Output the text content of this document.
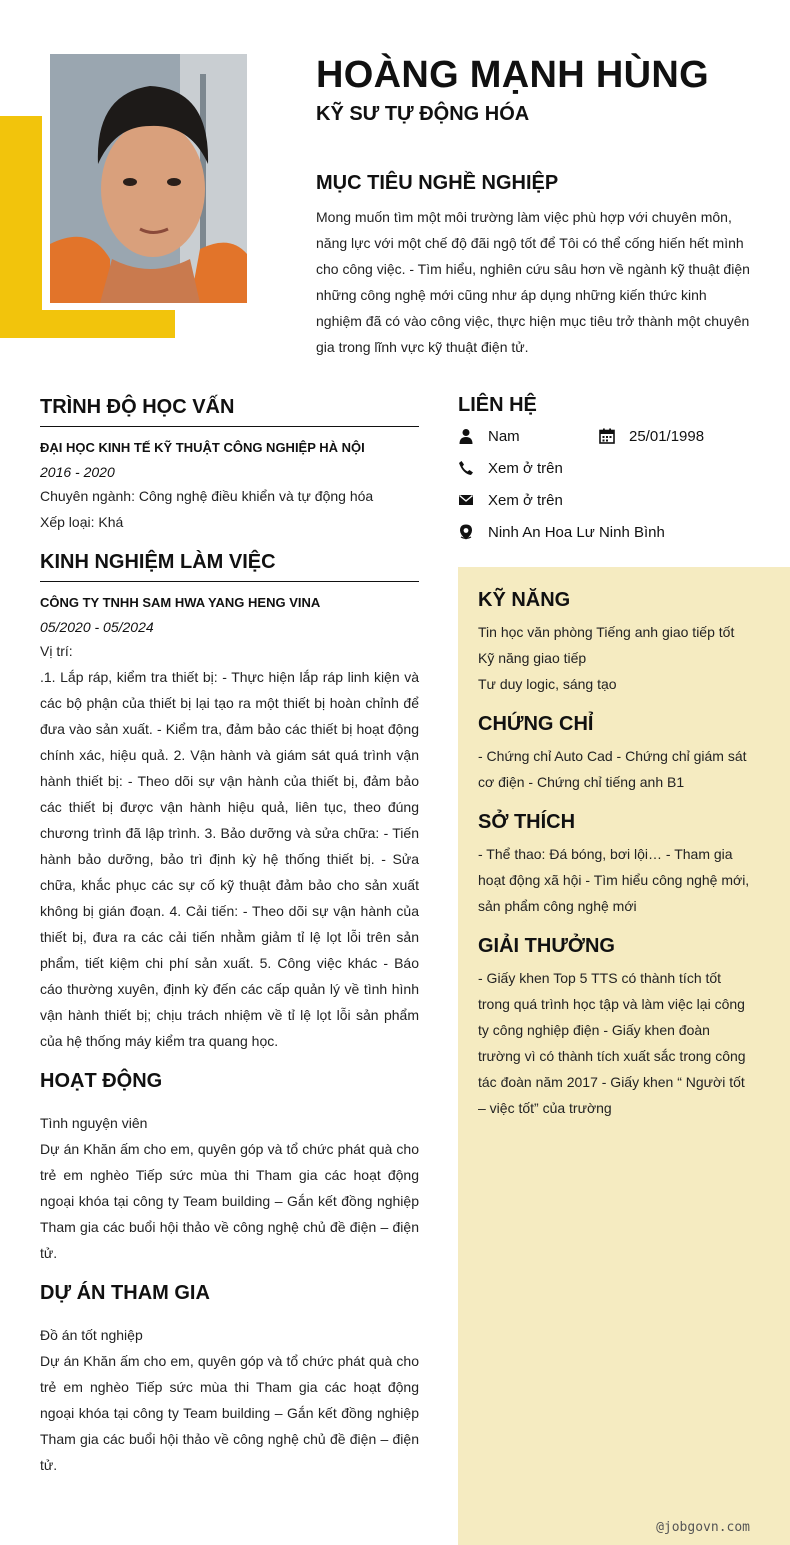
HOÀNG MẠNH HÙNG
KỸ SƯ TỰ ĐỘNG HÓA
MỤC TIÊU NGHỀ NGHIỆP
Mong muốn tìm một môi trường làm việc phù hợp với chuyên môn, năng lực với một chế độ đãi ngộ tốt để Tôi có thể cống hiến hết mình cho công việc. - Tìm hiểu, nghiên cứu sâu hơn về ngành kỹ thuật điện những công nghệ mới cũng như áp dụng những kiến thức kinh nghiệm đã có vào công việc, thực hiện mục tiêu trở thành một chuyên gia trong lĩnh vực kỹ thuật điện tử.
TRÌNH ĐỘ HỌC VẤN
ĐẠI HỌC KINH TẾ KỸ THUẬT CÔNG NGHIỆP HÀ NỘI
2016 - 2020
Chuyên ngành: Công nghệ điều khiển và tự động hóa
Xếp loại: Khá
KINH NGHIỆM LÀM VIỆC
CÔNG TY TNHH SAM HWA YANG HENG VINA
05/2020 - 05/2024
Vị trí:
.1. Lắp ráp, kiểm tra thiết bị: - Thực hiện lắp ráp linh kiện và các bộ phận của thiết bị lại tạo ra một thiết bị hoàn chỉnh để đưa vào sản xuất. - Kiểm tra, đảm bảo các thiết bị hoạt động chính xác, hiệu quả. 2. Vận hành và giám sát quá trình vận hành thiết bị: - Theo dõi sự vận hành của thiết bị, đảm bảo các thiết bị được vận hành hiệu quả, liên tục, theo đúng chương trình đã lập trình. 3. Bảo dưỡng và sửa chữa: - Tiến hành bảo dưỡng, bảo trì định kỳ hệ thống thiết bị. - Sửa chữa, khắc phục các sự cố kỹ thuật đảm bảo cho sản xuất không bị gián đoạn. 4. Cải tiến: - Theo dõi sự vận hành của thiết bị, đưa ra các cải tiến nhằm giảm tỉ lệ lọt lỗi trên sản phẩm, tiết kiệm chi phí sản xuất. 5. Công việc khác - Báo cáo thường xuyên, định kỳ đến các cấp quản lý về tình hình vận hành thiết bị; chịu trách nhiệm về tỉ lệ lọt lỗi sản phẩm của hệ thống máy kiểm tra quang học.
HOẠT ĐỘNG
Tình nguyện viên
Dự án Khăn ấm cho em, quyên góp và tổ chức phát quà cho trẻ em nghèo Tiếp sức mùa thi Tham gia các hoạt động ngoại khóa tại công ty Team building – Gắn kết đồng nghiệp Tham gia các buổi hội thảo về công nghệ chủ đề điện – điện tử.
DỰ ÁN THAM GIA
Đồ án tốt nghiệp
Dự án Khăn ấm cho em, quyên góp và tổ chức phát quà cho trẻ em nghèo Tiếp sức mùa thi Tham gia các hoạt động ngoại khóa tại công ty Team building – Gắn kết đồng nghiệp Tham gia các buổi hội thảo về công nghệ chủ đề điện – điện tử.
LIÊN HỆ
Nam	25/01/1998
Xem ở trên
Xem ở trên
Ninh An Hoa Lư Ninh Bình
KỸ NĂNG
Tin học văn phòng Tiếng anh giao tiếp tốt
Kỹ năng giao tiếp
Tư duy logic, sáng tạo
CHỨNG CHỈ
- Chứng chỉ Auto Cad - Chứng chỉ giám sát cơ điện - Chứng chỉ tiếng anh B1
SỞ THÍCH
- Thể thao: Đá bóng, bơi lội… - Tham gia hoạt động xã hội - Tìm hiểu công nghệ mới, sản phẩm công nghệ mới
GIẢI THƯỞNG
- Giấy khen Top 5 TTS có thành tích tốt trong quá trình học tập và làm việc lại công ty công nghiệp điện - Giấy khen đoàn trường vì có thành tích xuất sắc trong công tác đoàn năm 2017 - Giấy khen “ Người tốt – việc tốt” của trường
@jobgovn.com
